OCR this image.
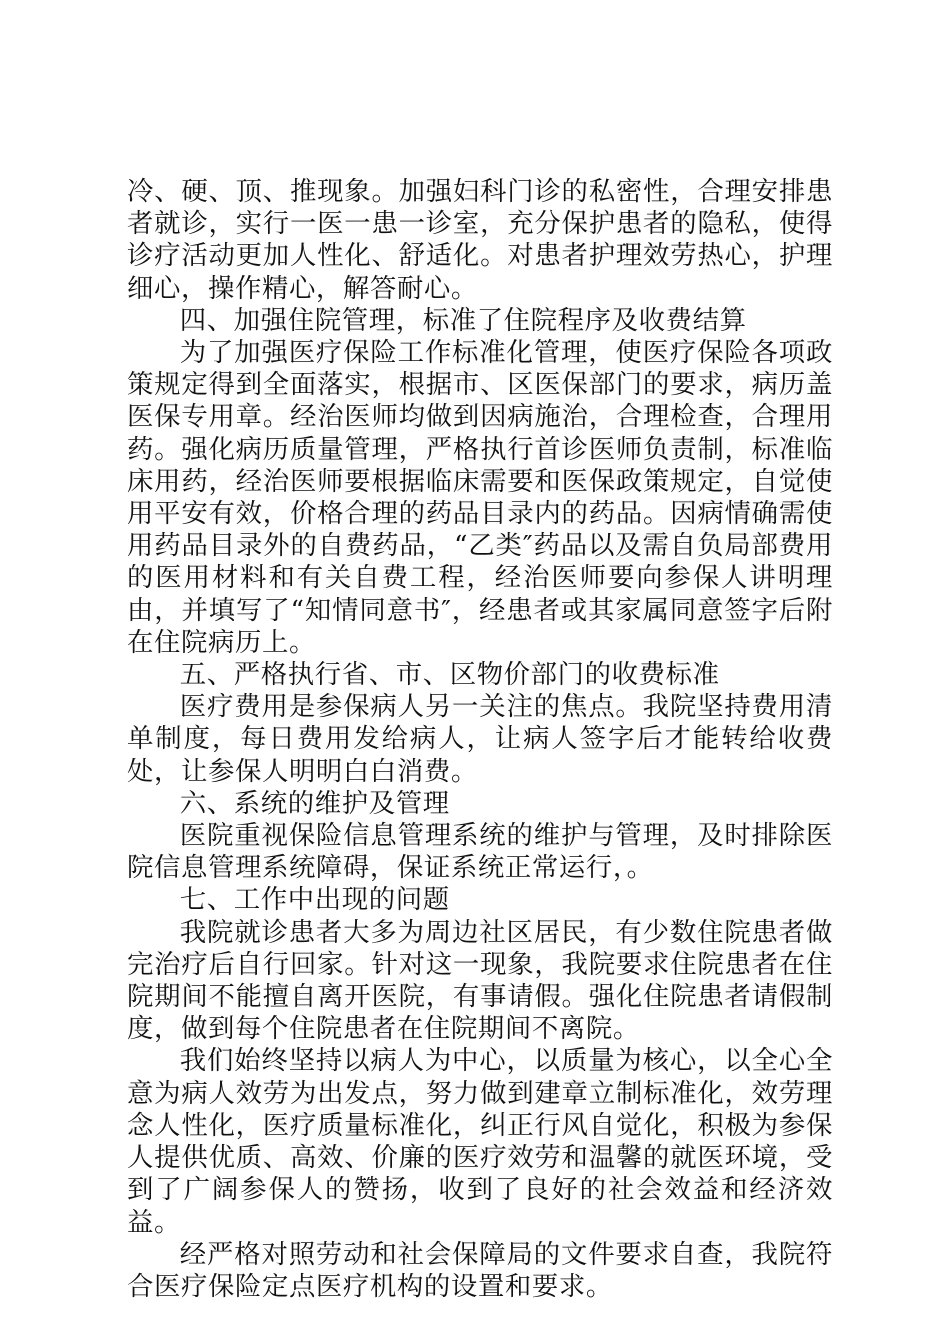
冷、硬、顶、推现象。加强妇科门诊的私密性，合理安排患者就诊，实行一医一患一诊室，充分保护患者的隐私，使得诊疗活动更加人性化、舒适化。对患者护理效劳热心，护理细心，操作精心，解答耐心。

四、加强住院管理，标准了住院程序及收费结算

为了加强医疗保险工作标准化管理，使医疗保险各项政策规定得到全面落实，根据市、区医保部门的要求，病历盖医保专用章。经治医师均做到因病施治，合理检查，合理用药。强化病历质量管理，严格执行首诊医师负责制，标准临床用药，经治医师要根据临床需要和医保政策规定，自觉使用平安有效，价格合理的药品目录内的药品。因病情确需使用药品目录外的自费药品，“乙类″药品以及需自负局部费用的医用材料和有关自费工程，经治医师要向参保人讲明理由，并填写了“知情同意书″，经患者或其家属同意签字后附在住院病历上。

五、严格执行省、市、区物价部门的收费标准

医疗费用是参保病人另一关注的焦点。我院坚持费用清单制度，每日费用发给病人，让病人签字后才能转给收费处，让参保人明明白白消费。

六、系统的维护及管理

医院重视保险信息管理系统的维护与管理，及时排除医院信息管理系统障碍，保证系统正常运行，。

七、工作中出现的问题

我院就诊患者大多为周边社区居民，有少数住院患者做完治疗后自行回家。针对这一现象，我院要求住院患者在住院期间不能擅自离开医院，有事请假。强化住院患者请假制度，做到每个住院患者在住院期间不离院。

我们始终坚持以病人为中心，以质量为核心，以全心全意为病人效劳为出发点，努力做到建章立制标准化，效劳理念人性化，医疗质量标准化，纠正行风自觉化，积极为参保人提供优质、高效、价廉的医疗效劳和温馨的就医环境，受到了广阔参保人的赞扬，收到了良好的社会效益和经济效益。

经严格对照劳动和社会保障局的文件要求自查，我院符合医疗保险定点医疗机构的设置和要求。
